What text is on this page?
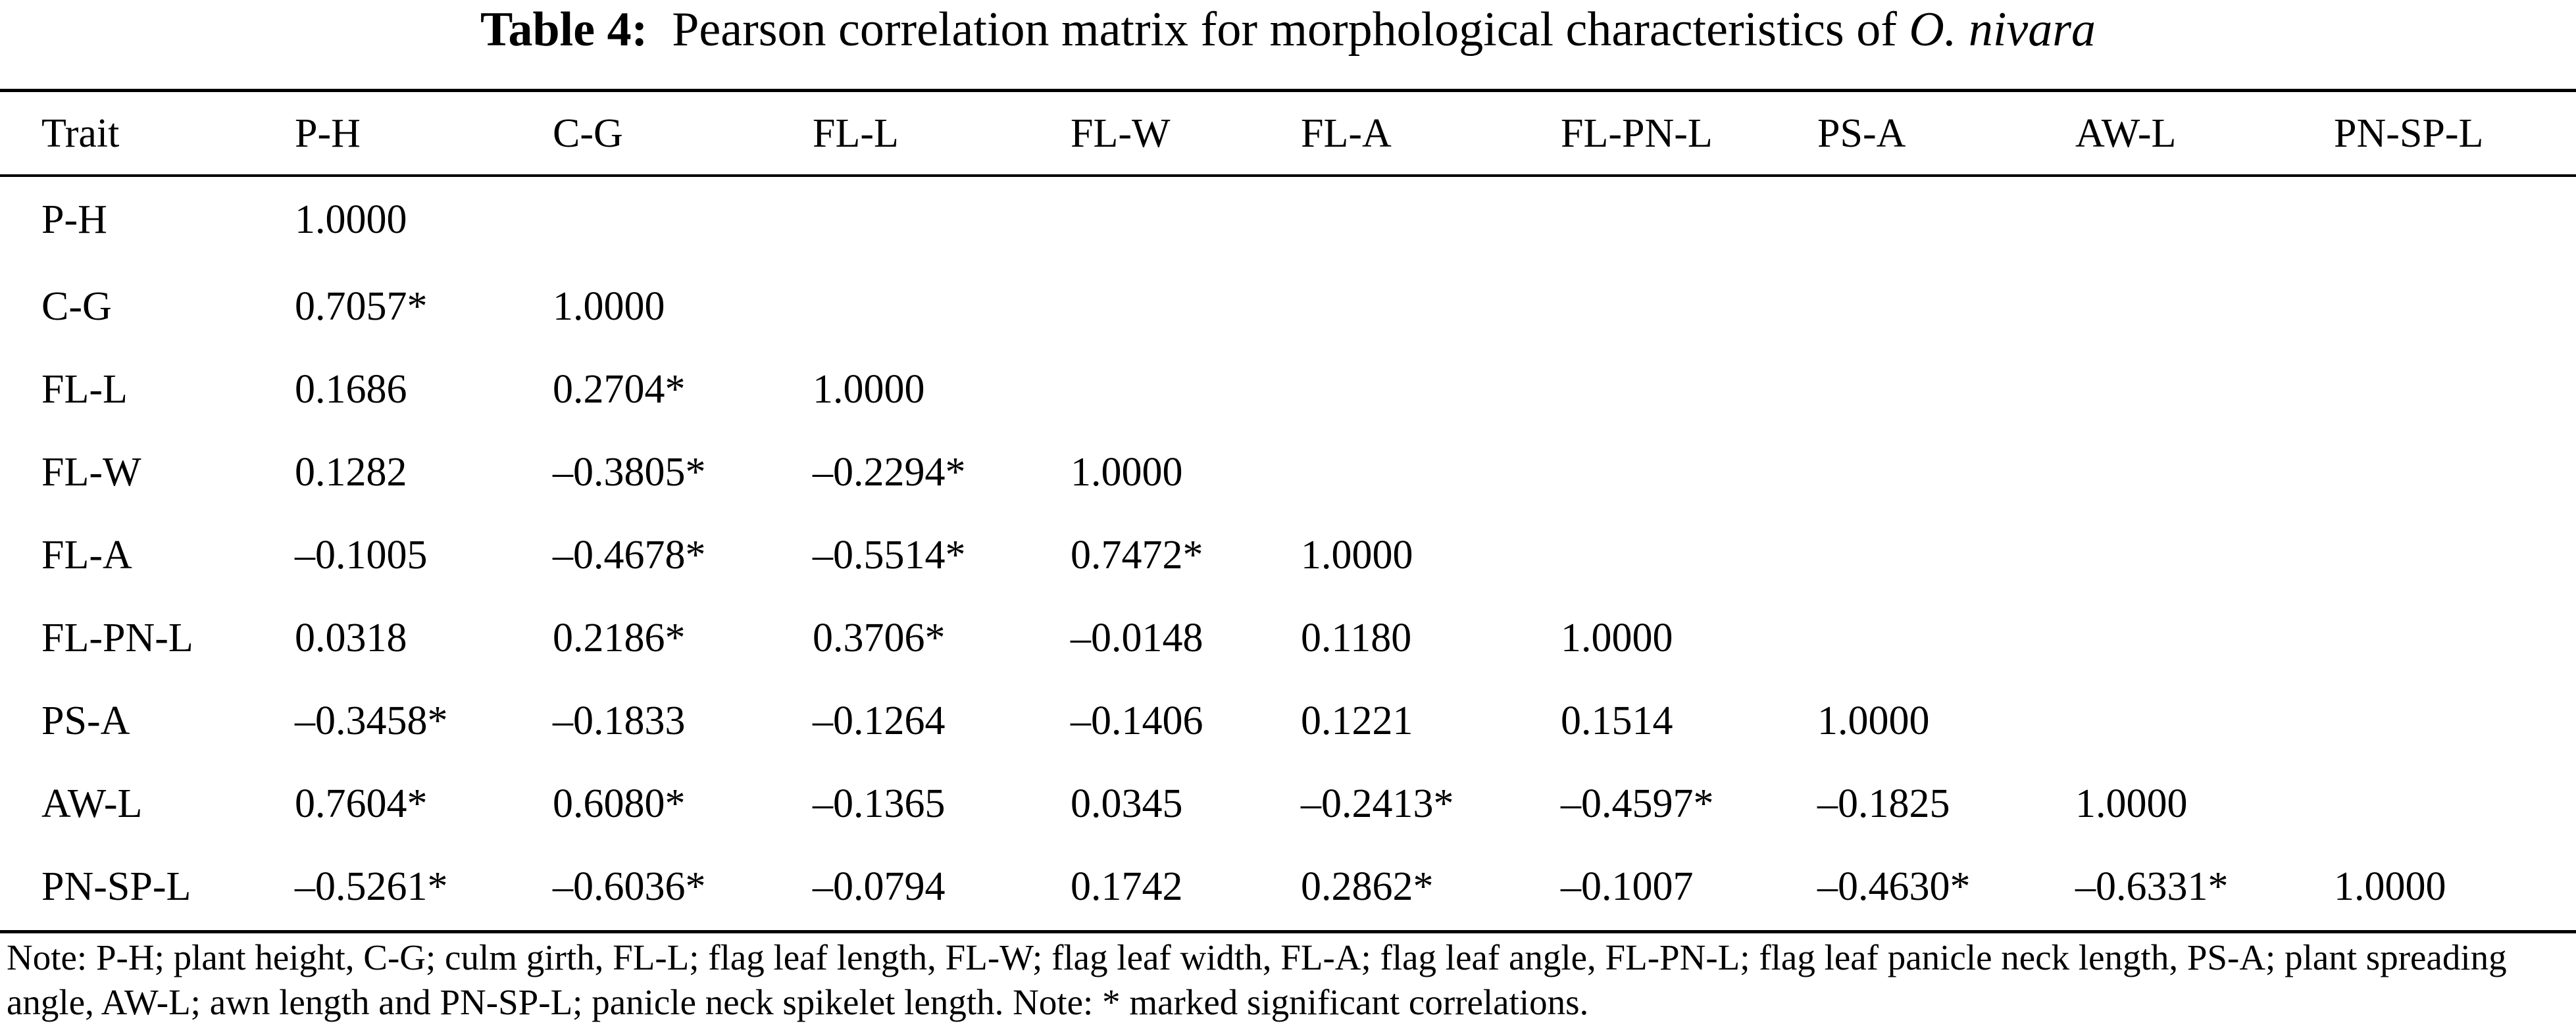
Table 4: Pearson correlation matrix for morphological characteristics of O. nivara
	Trait	P-H	C-G	FL-L	FL-W	FL-A	FL-PN-L	PS-A	AW-L	PN-SP-L
	P-H	1.0000								
	C-G	0.7057*	1.0000							
	FL-L	0.1686	0.2704*	1.0000						
	FL-W	0.1282	–0.3805*	–0.2294*	1.0000					
	FL-A	–0.1005	–0.4678*	–0.5514*	0.7472*	1.0000				
	FL-PN-L	0.0318	0.2186*	0.3706*	–0.0148	0.1180	1.0000			
	PS-A	–0.3458*	–0.1833	–0.1264	–0.1406	0.1221	0.1514	1.0000		
	AW-L	0.7604*	0.6080*	–0.1365	0.0345	–0.2413*	–0.4597*	–0.1825	1.0000	
	PN-SP-L	–0.5261*	–0.6036*	–0.0794	0.1742	0.2862*	–0.1007	–0.4630*	–0.6331*	1.0000
Note: P-H; plant height, C-G; culm girth, FL-L; flag leaf length, FL-W; flag leaf width, FL-A; flag leaf angle, FL-PN-L; flag leaf panicle neck length, PS-A; plant spreading angle, AW-L; awn length and PN-SP-L; panicle neck spikelet length. Note: * marked significant correlations.
